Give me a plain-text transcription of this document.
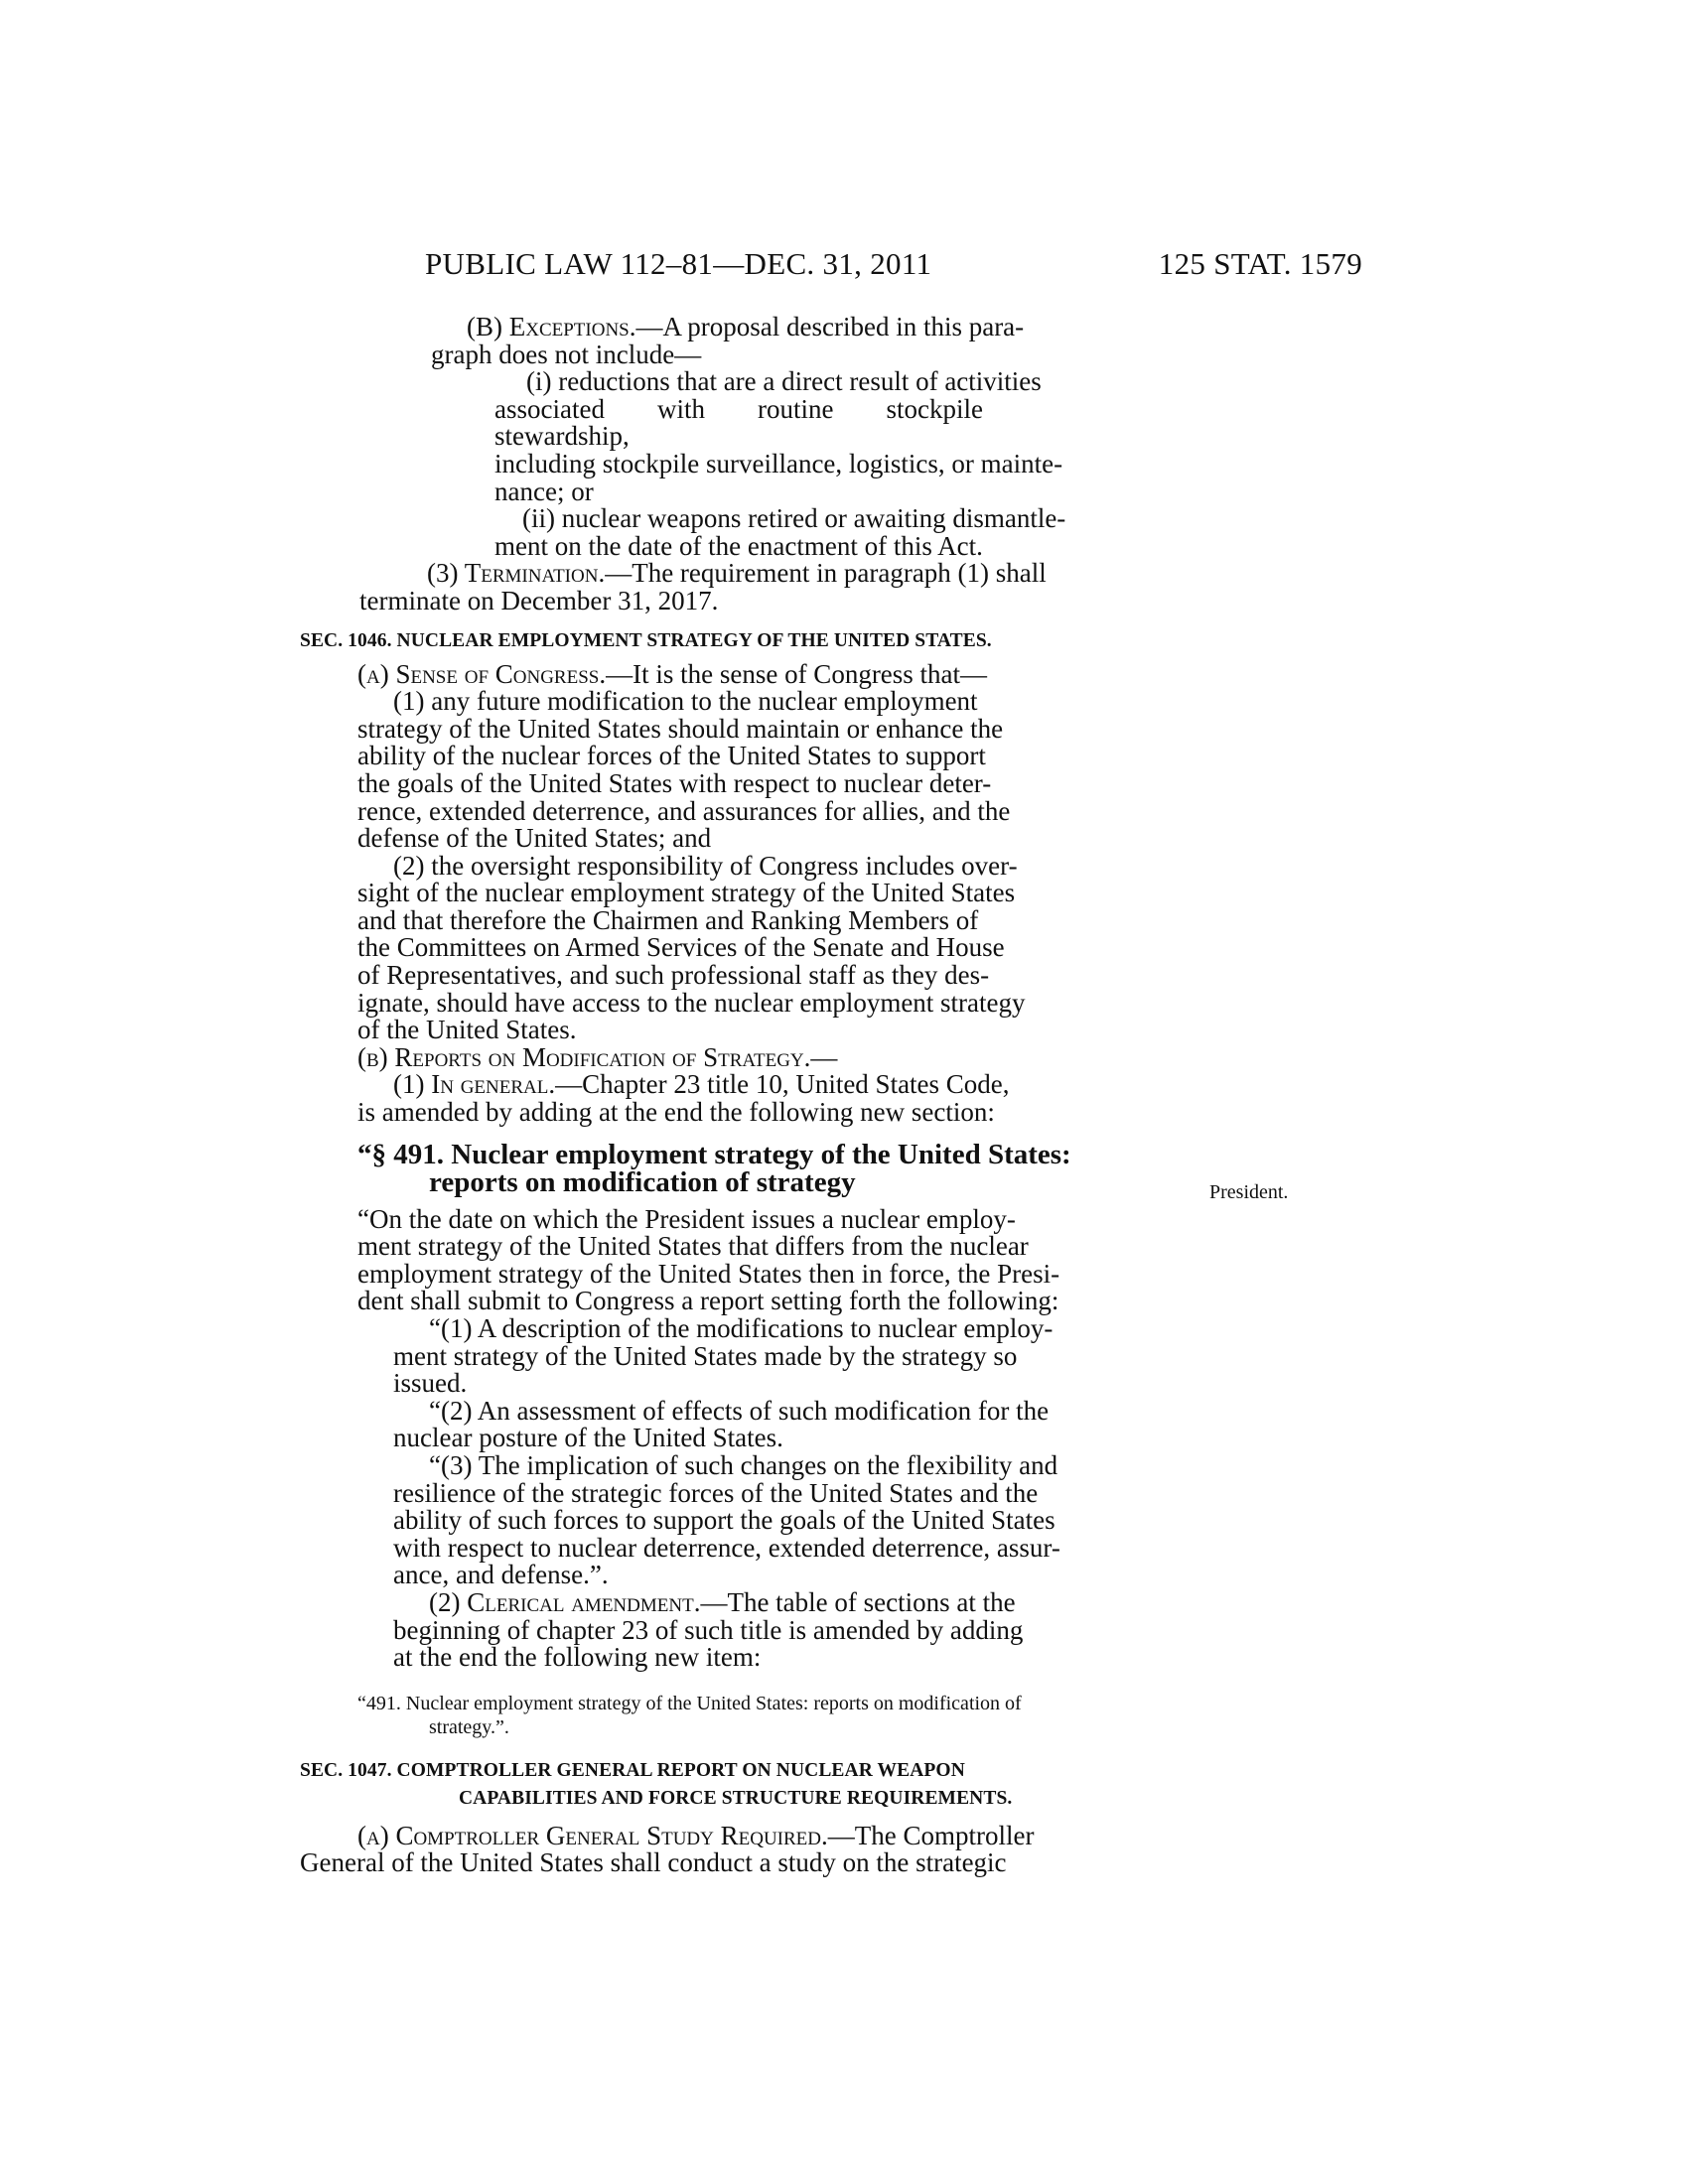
PUBLIC LAW 112–81—DEC. 31, 2011	125 STAT. 1579
President.
(B) Exceptions.—A proposal described in this para-
graph does not include—
(i) reductions that are a direct result of activities
associated with routine stockpile stewardship,
including stockpile surveillance, logistics, or mainte-
nance; or
(ii) nuclear weapons retired or awaiting dismantle-
ment on the date of the enactment of this Act.
(3) Termination.—The requirement in paragraph (1) shall
terminate on December 31, 2017.
SEC. 1046. NUCLEAR EMPLOYMENT STRATEGY OF THE UNITED STATES.
(a) Sense of Congress.—It is the sense of Congress that—
(1) any future modification to the nuclear employment
strategy of the United States should maintain or enhance the
ability of the nuclear forces of the United States to support
the goals of the United States with respect to nuclear deter-
rence, extended deterrence, and assurances for allies, and the
defense of the United States; and
(2) the oversight responsibility of Congress includes over-
sight of the nuclear employment strategy of the United States
and that therefore the Chairmen and Ranking Members of
the Committees on Armed Services of the Senate and House
of Representatives, and such professional staff as they des-
ignate, should have access to the nuclear employment strategy
of the United States.
(b) Reports on Modification of Strategy.—
(1) In general.—Chapter 23 title 10, United States Code,
is amended by adding at the end the following new section:
“§ 491. Nuclear employment strategy of the United States:
reports on modification of strategy
“On the date on which the President issues a nuclear employ-
ment strategy of the United States that differs from the nuclear
employment strategy of the United States then in force, the Presi-
dent shall submit to Congress a report setting forth the following:
“(1) A description of the modifications to nuclear employ-
ment strategy of the United States made by the strategy so
issued.
“(2) An assessment of effects of such modification for the
nuclear posture of the United States.
“(3) The implication of such changes on the flexibility and
resilience of the strategic forces of the United States and the
ability of such forces to support the goals of the United States
with respect to nuclear deterrence, extended deterrence, assur-
ance, and defense.”.
(2) Clerical amendment.—The table of sections at the
beginning of chapter 23 of such title is amended by adding
at the end the following new item:
“491. Nuclear employment strategy of the United States: reports on modification of
strategy.”.
SEC. 1047. COMPTROLLER GENERAL REPORT ON NUCLEAR WEAPON
CAPABILITIES AND FORCE STRUCTURE REQUIREMENTS.
(a) Comptroller General Study Required.—The Comptroller
General of the United States shall conduct a study on the strategic
